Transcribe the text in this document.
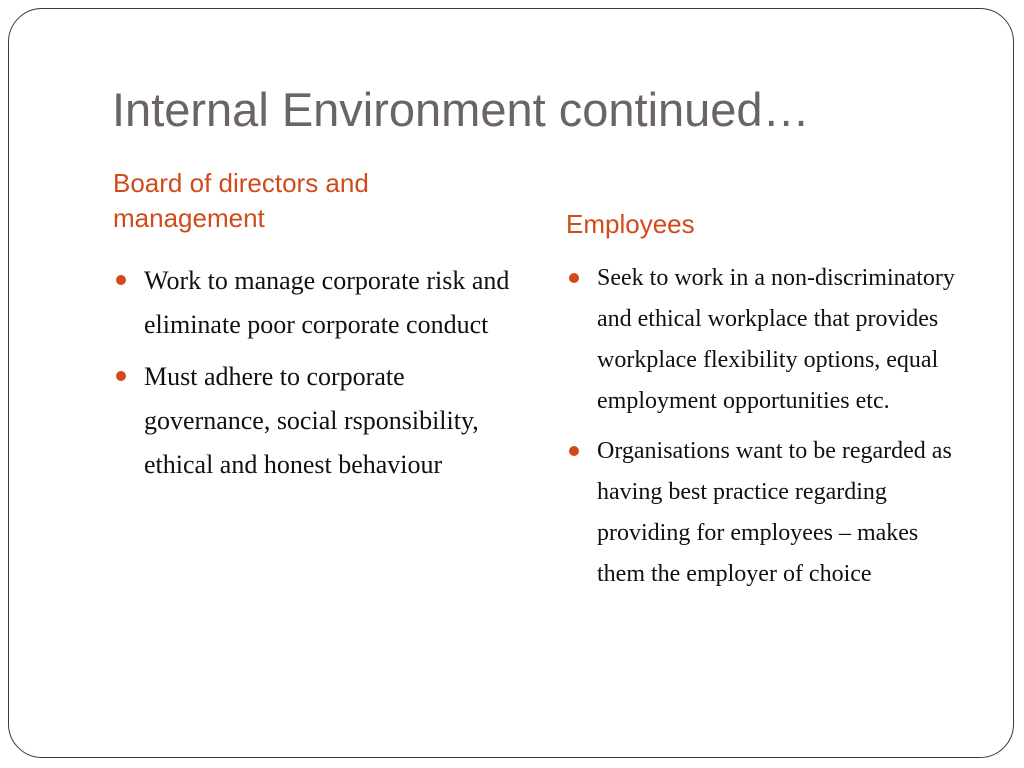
Internal Environment continued…
Board of directors and management
Work to manage corporate risk and eliminate poor corporate conduct
Must adhere to corporate governance, social rsponsibility, ethical and honest behaviour
Employees
Seek to work in a non-discriminatory and ethical workplace that provides workplace flexibility options, equal employment opportunities etc.
Organisations want to be regarded as having best practice regarding providing for employees – makes them the employer of choice
